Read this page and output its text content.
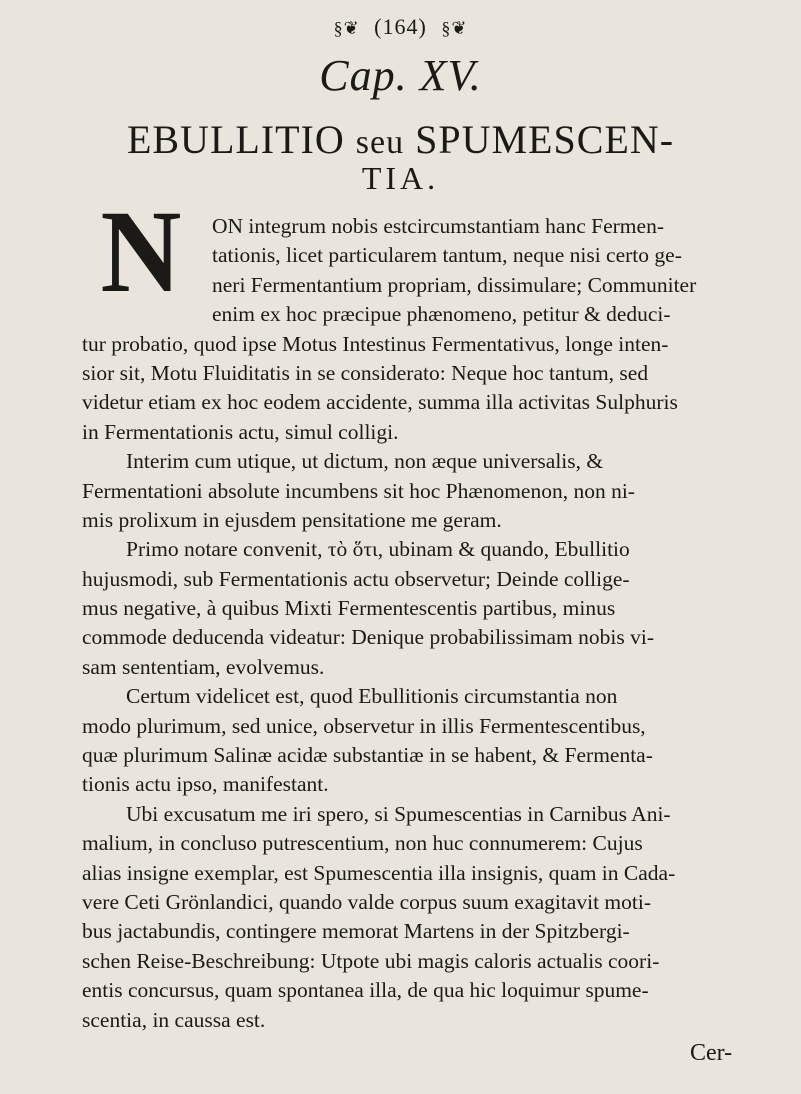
§❦ (164) §❦
Cap. XV.
EBULLITIO seu SPUMESCEN-
TIA.
N	ON integrum nobis estcircumstantiam hanc Fermen-
tationis, licet particularem tantum, neque nisi certo ge-
neri Fermentantium propriam, dissimulare; Communiter
enim ex hoc præcipue phænomeno, petitur & deduci-
tur probatio, quod ipse Motus Intestinus Fermentativus, longe inten-
sior sit, Motu Fluiditatis in se considerato: Neque hoc tantum, sed
videtur etiam ex hoc eodem accidente, summa illa activitas Sulphuris
in Fermentationis actu, simul colligi.
Interim cum utique, ut dictum, non æque universalis, &
Fermentationi absolute incumbens sit hoc Phænomenon, non ni-
mis prolixum in ejusdem pensitatione me geram.
Primo notare convenit, τὸ ὅτι, ubinam & quando, Ebullitio
hujusmodi, sub Fermentationis actu observetur; Deinde collige-
mus negative, à quibus Mixti Fermentescentis partibus, minus
commode deducenda videatur: Denique probabilissimam nobis vi-
sam sententiam, evolvemus.
Certum videlicet est, quod Ebullitionis circumstantia non
modo plurimum, sed unice, observetur in illis Fermentescentibus,
quæ plurimum Salinæ acidæ substantiæ in se habent, & Fermenta-
tionis actu ipso, manifestant.
Ubi excusatum me iri spero, si Spumescentias in Carnibus Ani-
malium, in concluso putrescentium, non huc connumerem: Cujus
alias insigne exemplar, est Spumescentia illa insignis, quam in Cada-
vere Ceti Grönlandici, quando valde corpus suum exagitavit moti-
bus jactabundis, contingere memorat Martens in der Spitzbergi-
schen Reise-Beschreibung: Utpote ubi magis caloris actualis coori-
entis concursus, quam spontanea illa, de qua hic loquimur spume-
scentia, in caussa est.
Cer-
